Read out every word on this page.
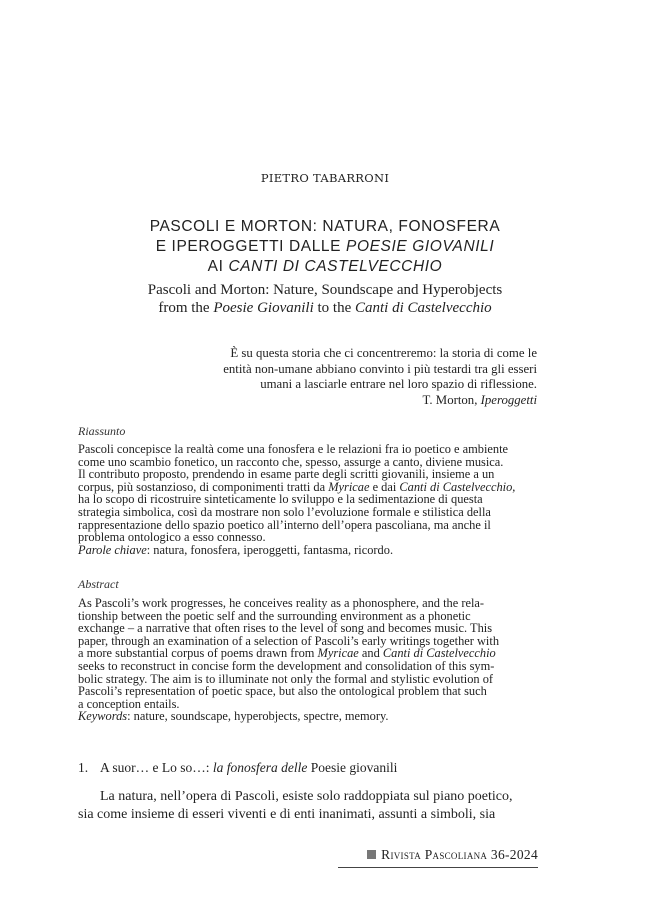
PIETRO TABARRONI
PASCOLI E MORTON: NATURA, FONOSFERA
E IPEROGGETTI DALLE POESIE GIOVANILI
AI CANTI DI CASTELVECCHIO
Pascoli and Morton: Nature, Soundscape and Hyperobjects
from the Poesie Giovanili to the Canti di Castelvecchio
È su questa storia che ci concentreremo: la storia di come le
entità non-umane abbiano convinto i più testardi tra gli esseri
umani a lasciarle entrare nel loro spazio di riflessione.
T. Morton, Iperoggetti
Riassunto
Pascoli concepisce la realtà come una fonosfera e le relazioni fra io poetico e ambiente
come uno scambio fonetico, un racconto che, spesso, assurge a canto, diviene musica.
Il contributo proposto, prendendo in esame parte degli scritti giovanili, insieme a un
corpus, più sostanzioso, di componimenti tratti da Myricae e dai Canti di Castelvecchio,
ha lo scopo di ricostruire sinteticamente lo sviluppo e la sedimentazione di questa
strategia simbolica, così da mostrare non solo l’evoluzione formale e stilistica della
rappresentazione dello spazio poetico all’interno dell’opera pascoliana, ma anche il
problema ontologico a esso connesso.
Parole chiave: natura, fonosfera, iperoggetti, fantasma, ricordo.
Abstract
As Pascoli’s work progresses, he conceives reality as a phonosphere, and the rela-
tionship between the poetic self and the surrounding environment as a phonetic
exchange – a narrative that often rises to the level of song and becomes music. This
paper, through an examination of a selection of Pascoli’s early writings together with
a more substantial corpus of poems drawn from Myricae and Canti di Castelvecchio
seeks to reconstruct in concise form the development and consolidation of this sym-
bolic strategy. The aim is to illuminate not only the formal and stylistic evolution of
Pascoli’s representation of poetic space, but also the ontological problem that such
a conception entails.
Keywords: nature, soundscape, hyperobjects, spectre, memory.
1. A suor… e Lo so…: la fonosfera delle Poesie giovanili
La natura, nell’opera di Pascoli, esiste solo raddoppiata sul piano poetico,
sia come insieme di esseri viventi e di enti inanimati, assunti a simboli, sia
Rivista Pascoliana 36-2024
